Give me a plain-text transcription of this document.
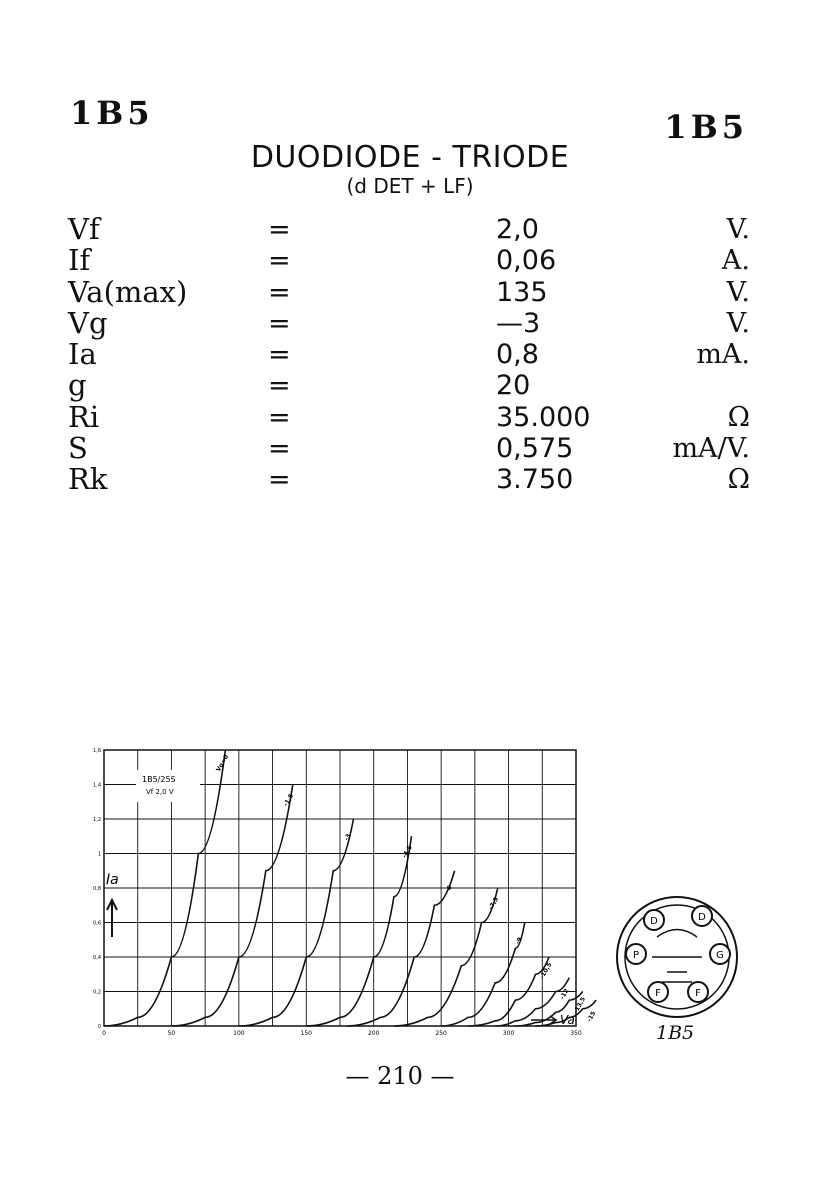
1B5	1B5
DUODIODE - TRIODE
(d DET + LF)
Vf	=	2,0	V.
If	=	0,06	A.
Va(max)	=	135	V.
Vg	=	—3	V.
Ia	=	0,8	mA.
g	=	20
Ri	=	35.000	Ω
S	=	0,575	mA/V.
Rk	=	3.750	Ω
0	50	100	150	200	250	300	350
0
0,2
0,4
0,6
0,8
1
1,2
1,4
1,6
Vg=0
-1,5
-3
-4,5
-6
-7,5
-9
-10,5
-12
-13,5
-15
1B5/25S
Vf 2,0 V
Ia
Va
D	D
P	G
F	F
1B5
— 210 —
